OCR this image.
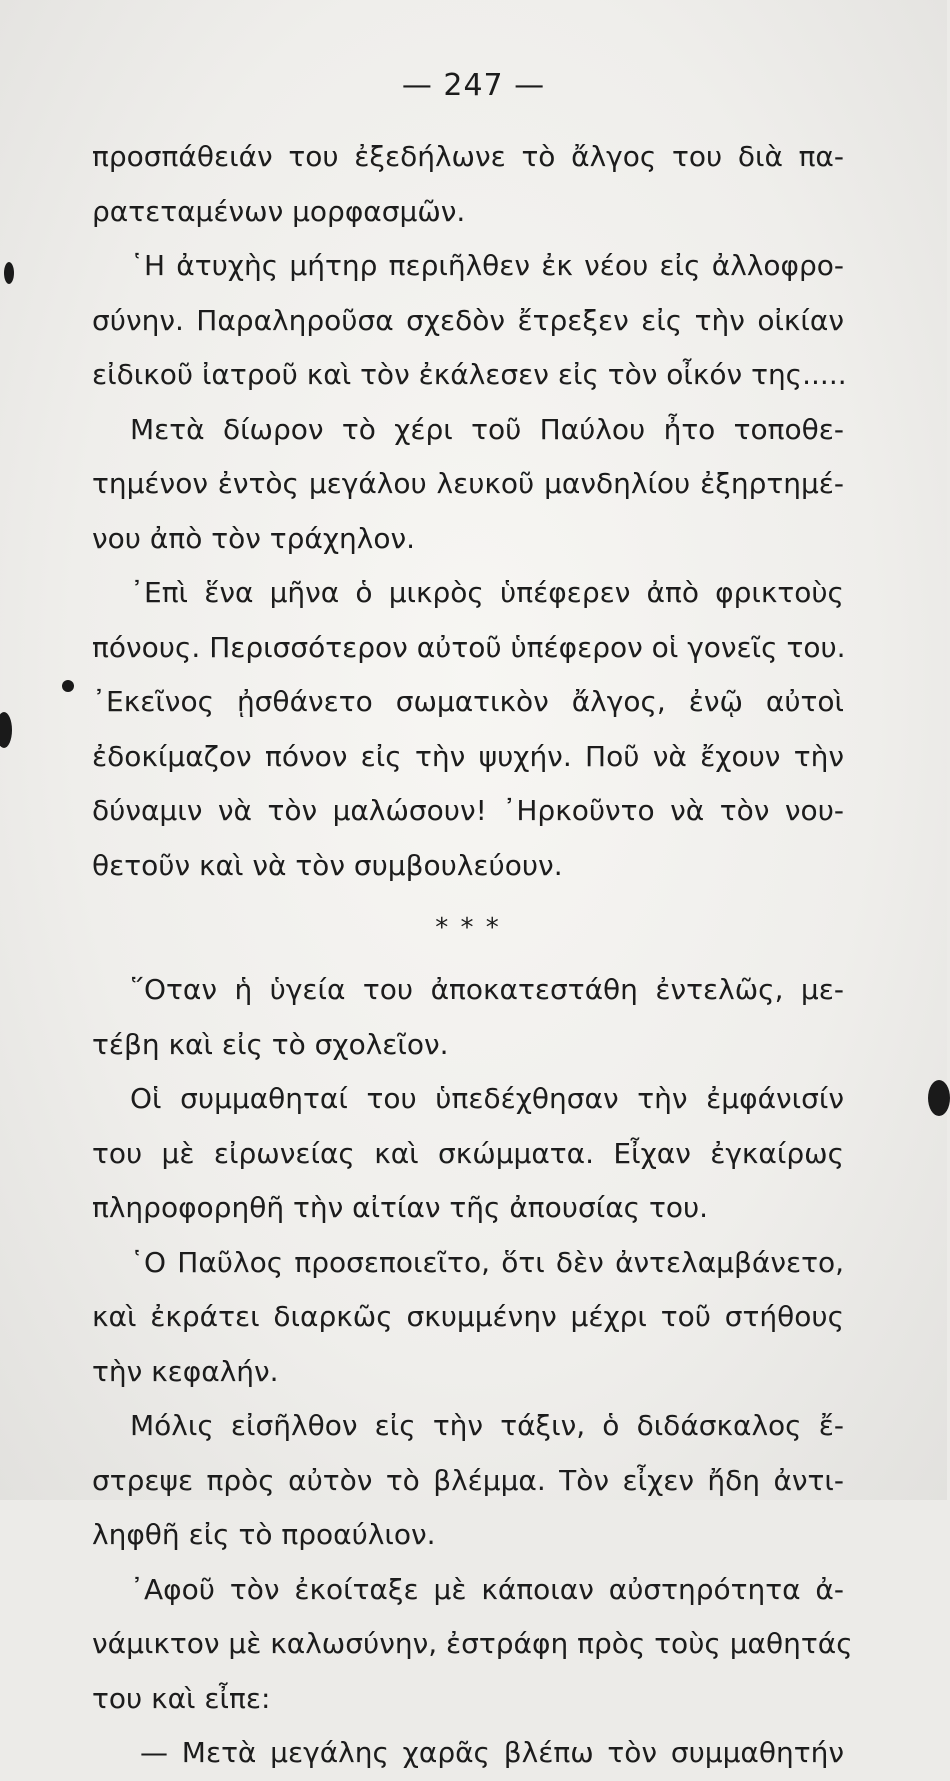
— 247 —
προσπάθειάν του ἐξεδήλωνε τὸ ἄλγος του διὰ πα-
ρατεταμένων μορφασμῶν.
῾Η ἀτυχὴς μήτηρ περιῆλθεν ἐκ νέου εἰς ἀλλοφρο-
σύνην. Παραληροῦσα σχεδὸν ἔτρεξεν εἰς τὴν οἰκίαν
εἰδικοῦ ἰατροῦ καὶ τὸν ἐκάλεσεν εἰς τὸν οἶκόν της.....
Μετὰ δίωρον τὸ χέρι τοῦ Παύλου ἦτο τοποθε-
τημένον ἐντὸς μεγάλου λευκοῦ μανδηλίου ἐξηρτημέ-
νου ἀπὸ τὸν τράχηλον.
᾽Επὶ ἕνα μῆνα ὁ μικρὸς ὑπέφερεν ἀπὸ φρικτοὺς
πόνους. Περισσότερον αὐτοῦ ὑπέφερον οἱ γονεῖς του.
᾽Εκεῖνος ᾐσθάνετο σωματικὸν ἄλγος, ἐνῷ αὐτοὶ
ἐδοκίμαζον πόνον εἰς τὴν ψυχήν. Ποῦ νὰ ἔχουν τὴν
δύναμιν νὰ τὸν μαλώσουν! ᾽Ηρκοῦντο νὰ τὸν νου-
θετοῦν καὶ νὰ τὸν συμβουλεύουν.
* * *
῞Οταν ἡ ὑγεία του ἀποκατεστάθη ἐντελῶς, με-
τέβη καὶ εἰς τὸ σχολεῖον.
Οἱ συμμαθηταί του ὑπεδέχθησαν τὴν ἐμφάνισίν
του μὲ εἰρωνείας καὶ σκώμματα. Εἶχαν ἐγκαίρως
πληροφορηθῆ τὴν αἰτίαν τῆς ἀπουσίας του.
῾Ο Παῦλος προσεποιεῖτο, ὅτι δὲν ἀντελαμβάνετο,
καὶ ἐκράτει διαρκῶς σκυμμένην μέχρι τοῦ στήθους
τὴν κεφαλήν.
Μόλις εἰσῆλθον εἰς τὴν τάξιν, ὁ διδάσκαλος ἔ-
στρεψε πρὸς αὐτὸν τὸ βλέμμα. Τὸν εἶχεν ἤδη ἀντι-
ληφθῆ εἰς τὸ προαύλιον.
᾽Αφοῦ τὸν ἐκοίταξε μὲ κάποιαν αὐστηρότητα ἀ-
νάμικτον μὲ καλωσύνην, ἐστράφη πρὸς τοὺς μαθητάς
του καὶ εἶπε:
— Μετὰ μεγάλης χαρᾶς βλέπω τὸν συμμαθητήν
